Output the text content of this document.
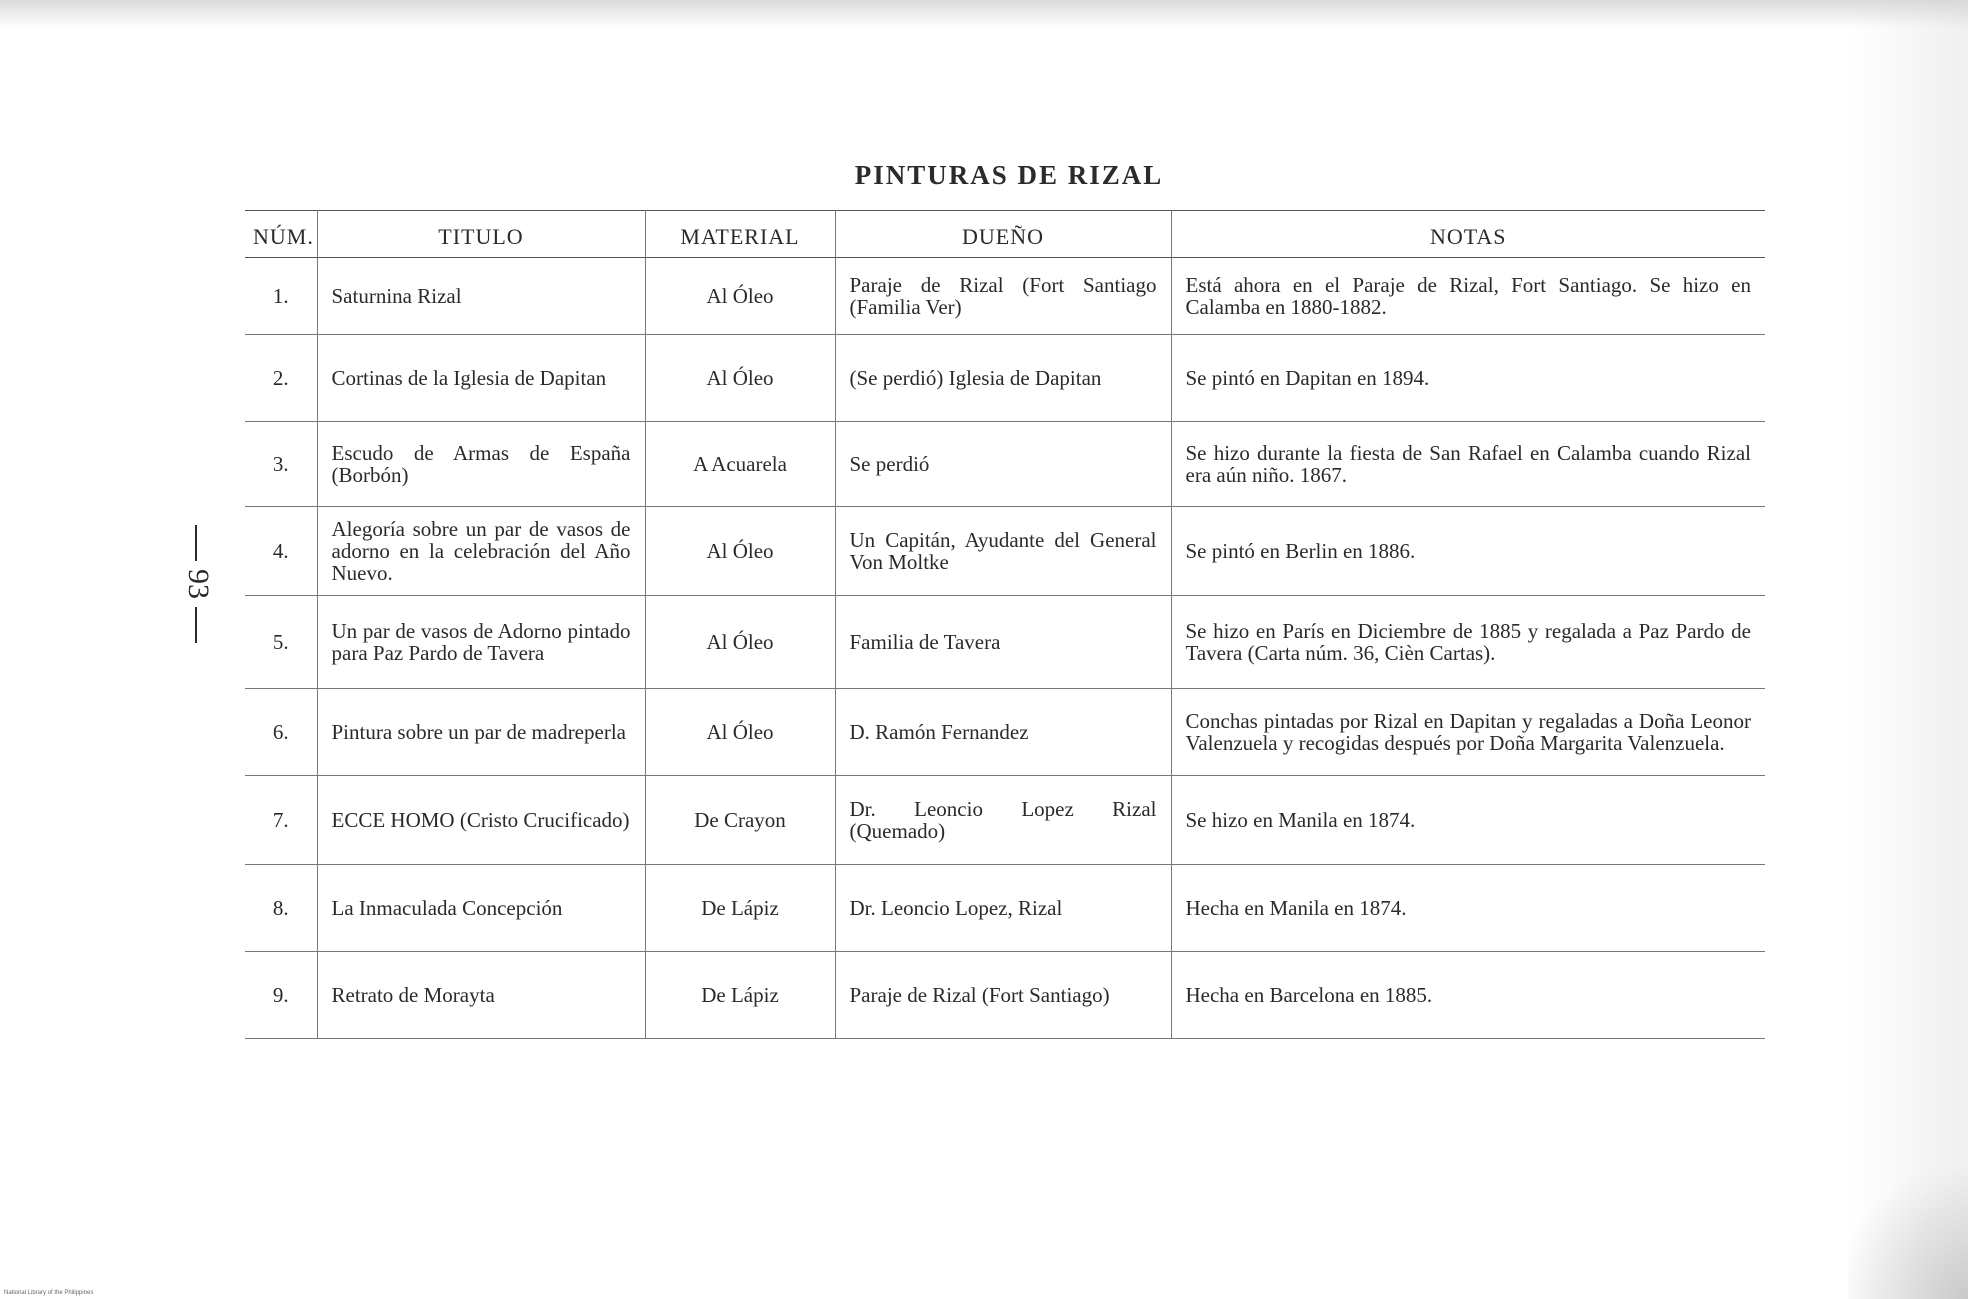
PINTURAS DE RIZAL
93
NÚM.	TITULO	MATERIAL	DUEÑO	NOTAS
1.	Saturnina Rizal	Al Óleo	Paraje de Rizal (Fort Santiago (Familia Ver)	Está ahora en el Paraje de Rizal, Fort Santiago. Se hizo en Calamba en 1880-1882.
2.	Cortinas de la Iglesia de Dapitan	Al Óleo	(Se perdió) Iglesia de Dapitan	Se pintó en Dapitan en 1894.
3.	Escudo de Armas de España (Borbón)	A Acuarela	Se perdió	Se hizo durante la fiesta de San Rafael en Calamba cuando Rizal era aún niño. 1867.
4.	Alegoría sobre un par de vasos de adorno en la celebración del Año Nuevo.	Al Óleo	Un Capitán, Ayudante del General Von Moltke	Se pintó en Berlin en 1886.
5.	Un par de vasos de Adorno pintado para Paz Pardo de Tavera	Al Óleo	Familia de Tavera	Se hizo en París en Diciembre de 1885 y regalada a Paz Pardo de Tavera (Carta núm. 36, Cièn Cartas).
6.	Pintura sobre un par de madreperla	Al Óleo	D. Ramón Fernandez	Conchas pintadas por Rizal en Dapitan y regaladas a Doña Leonor Valenzuela y recogidas después por Doña Margarita Valenzuela.
7.	ECCE HOMO (Cristo Crucificado)	De Crayon	Dr. Leoncio Lopez Rizal (Quemado)	Se hizo en Manila en 1874.
8.	La Inmaculada Concepción	De Lápiz	Dr. Leoncio Lopez, Rizal	Hecha en Manila en 1874.
9.	Retrato de Morayta	De Lápiz	Paraje de Rizal (Fort Santiago)	Hecha en Barcelona en 1885.
National Library of the Philippines
